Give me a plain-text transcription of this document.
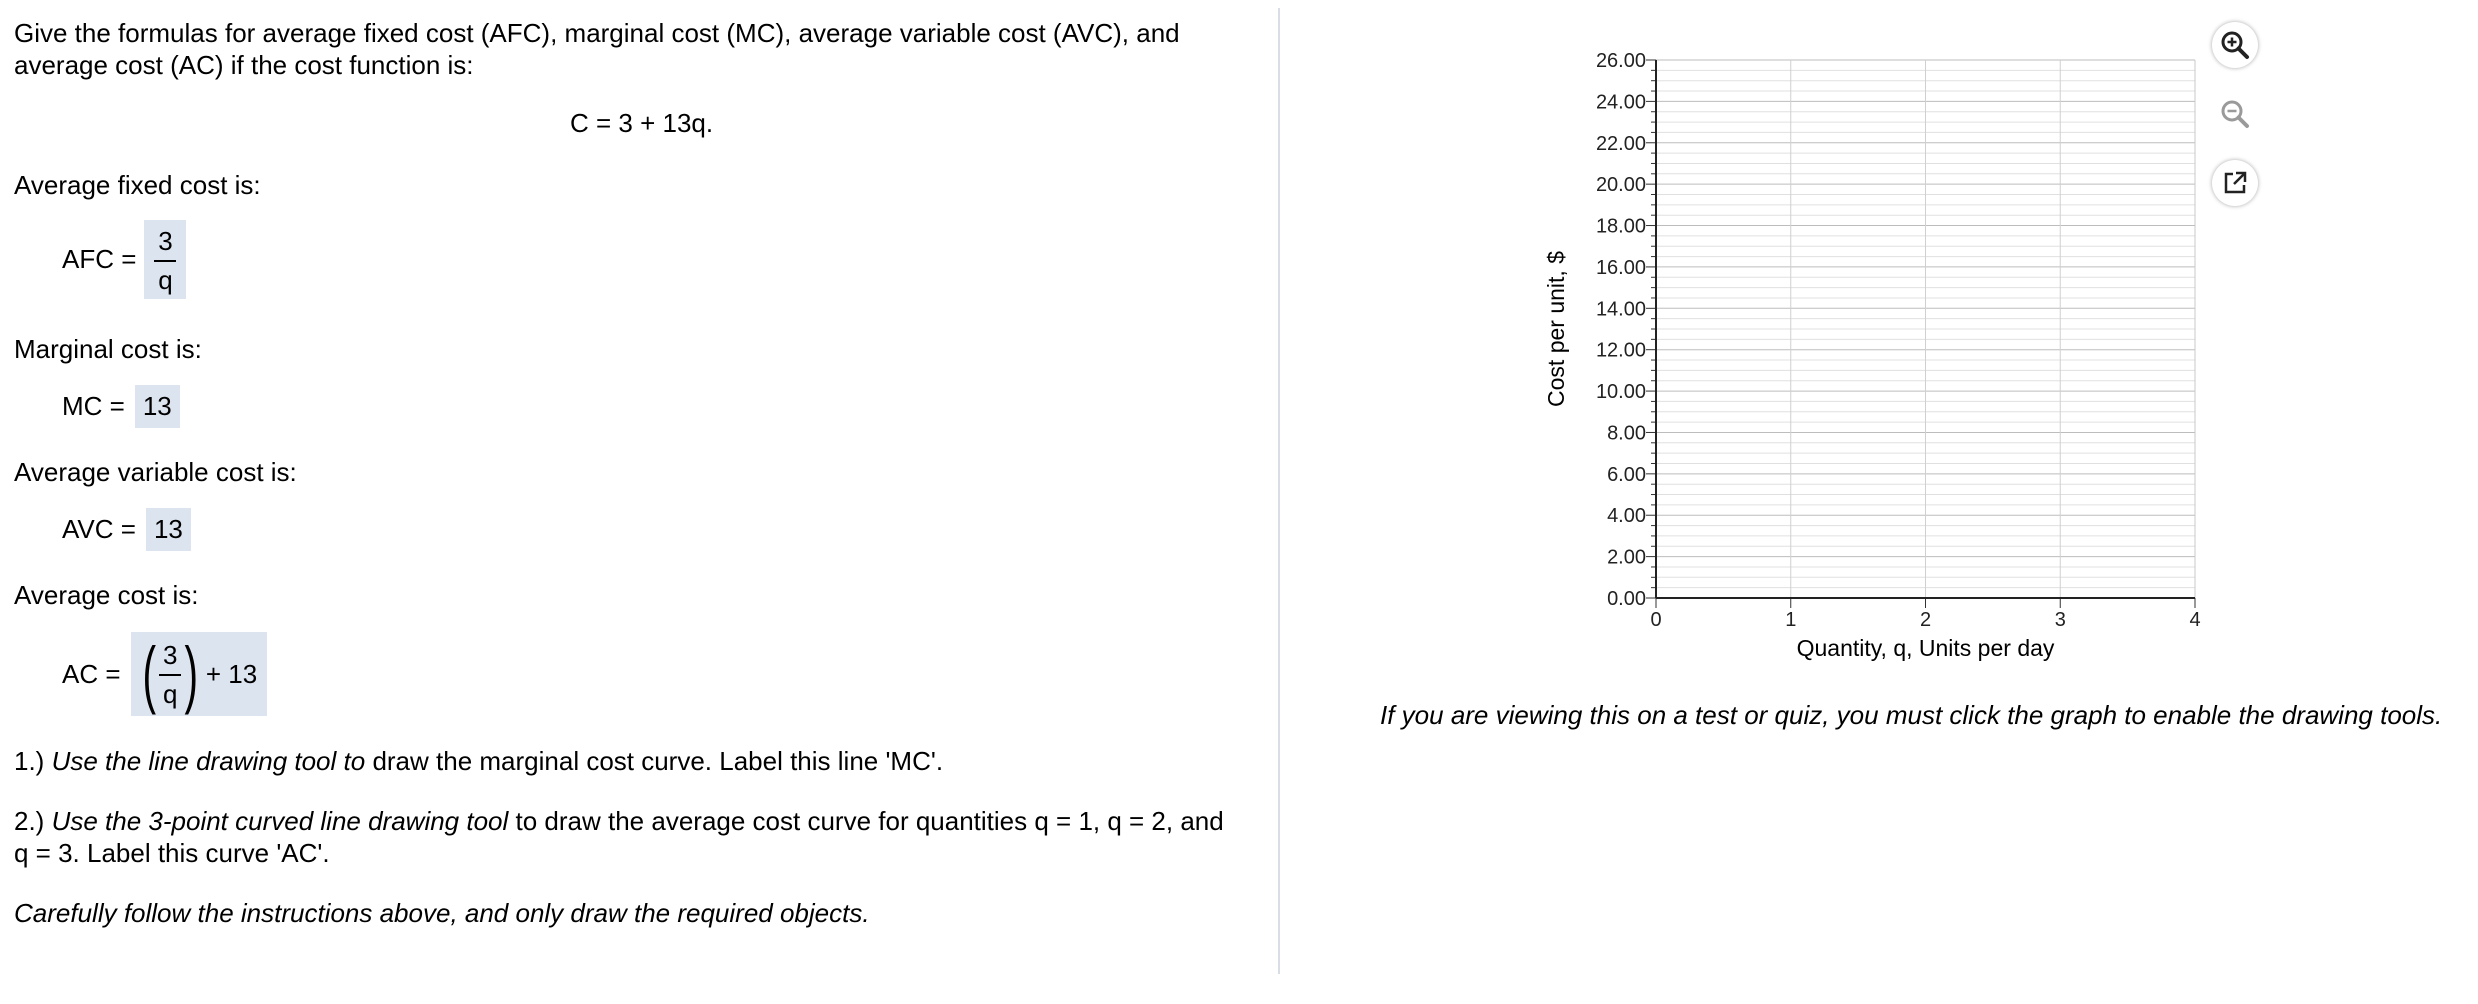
Give the formulas for average fixed cost (AFC), marginal cost (MC), average variable cost (AVC), and
average cost (AC) if the cost function is:
C = 3 + 13q.
Average fixed cost is:
AFC = $\frac{3}{q}$
Marginal cost is:
MC = 13
Average variable cost is:
AVC = 13
Average cost is:
AC = ( $\frac{3}{q}$ ) + 13
1.) Use the line drawing tool to draw the marginal cost curve. Label this line 'MC'.
2.) Use the 3-point curved line drawing tool to draw the average cost curve for quantities q = 1, q = 2, and
q = 3. Label this curve 'AC'.
Carefully follow the instructions above, and only draw the required objects.
0.00
2.00
4.00
6.00
8.00
10.00
12.00
14.00
16.00
18.00
20.00
22.00
24.00
26.00
0	1	2	3	4
Cost per unit, $
Quantity, q, Units per day
If you are viewing this on a test or quiz, you must click the graph to enable the drawing tools.
